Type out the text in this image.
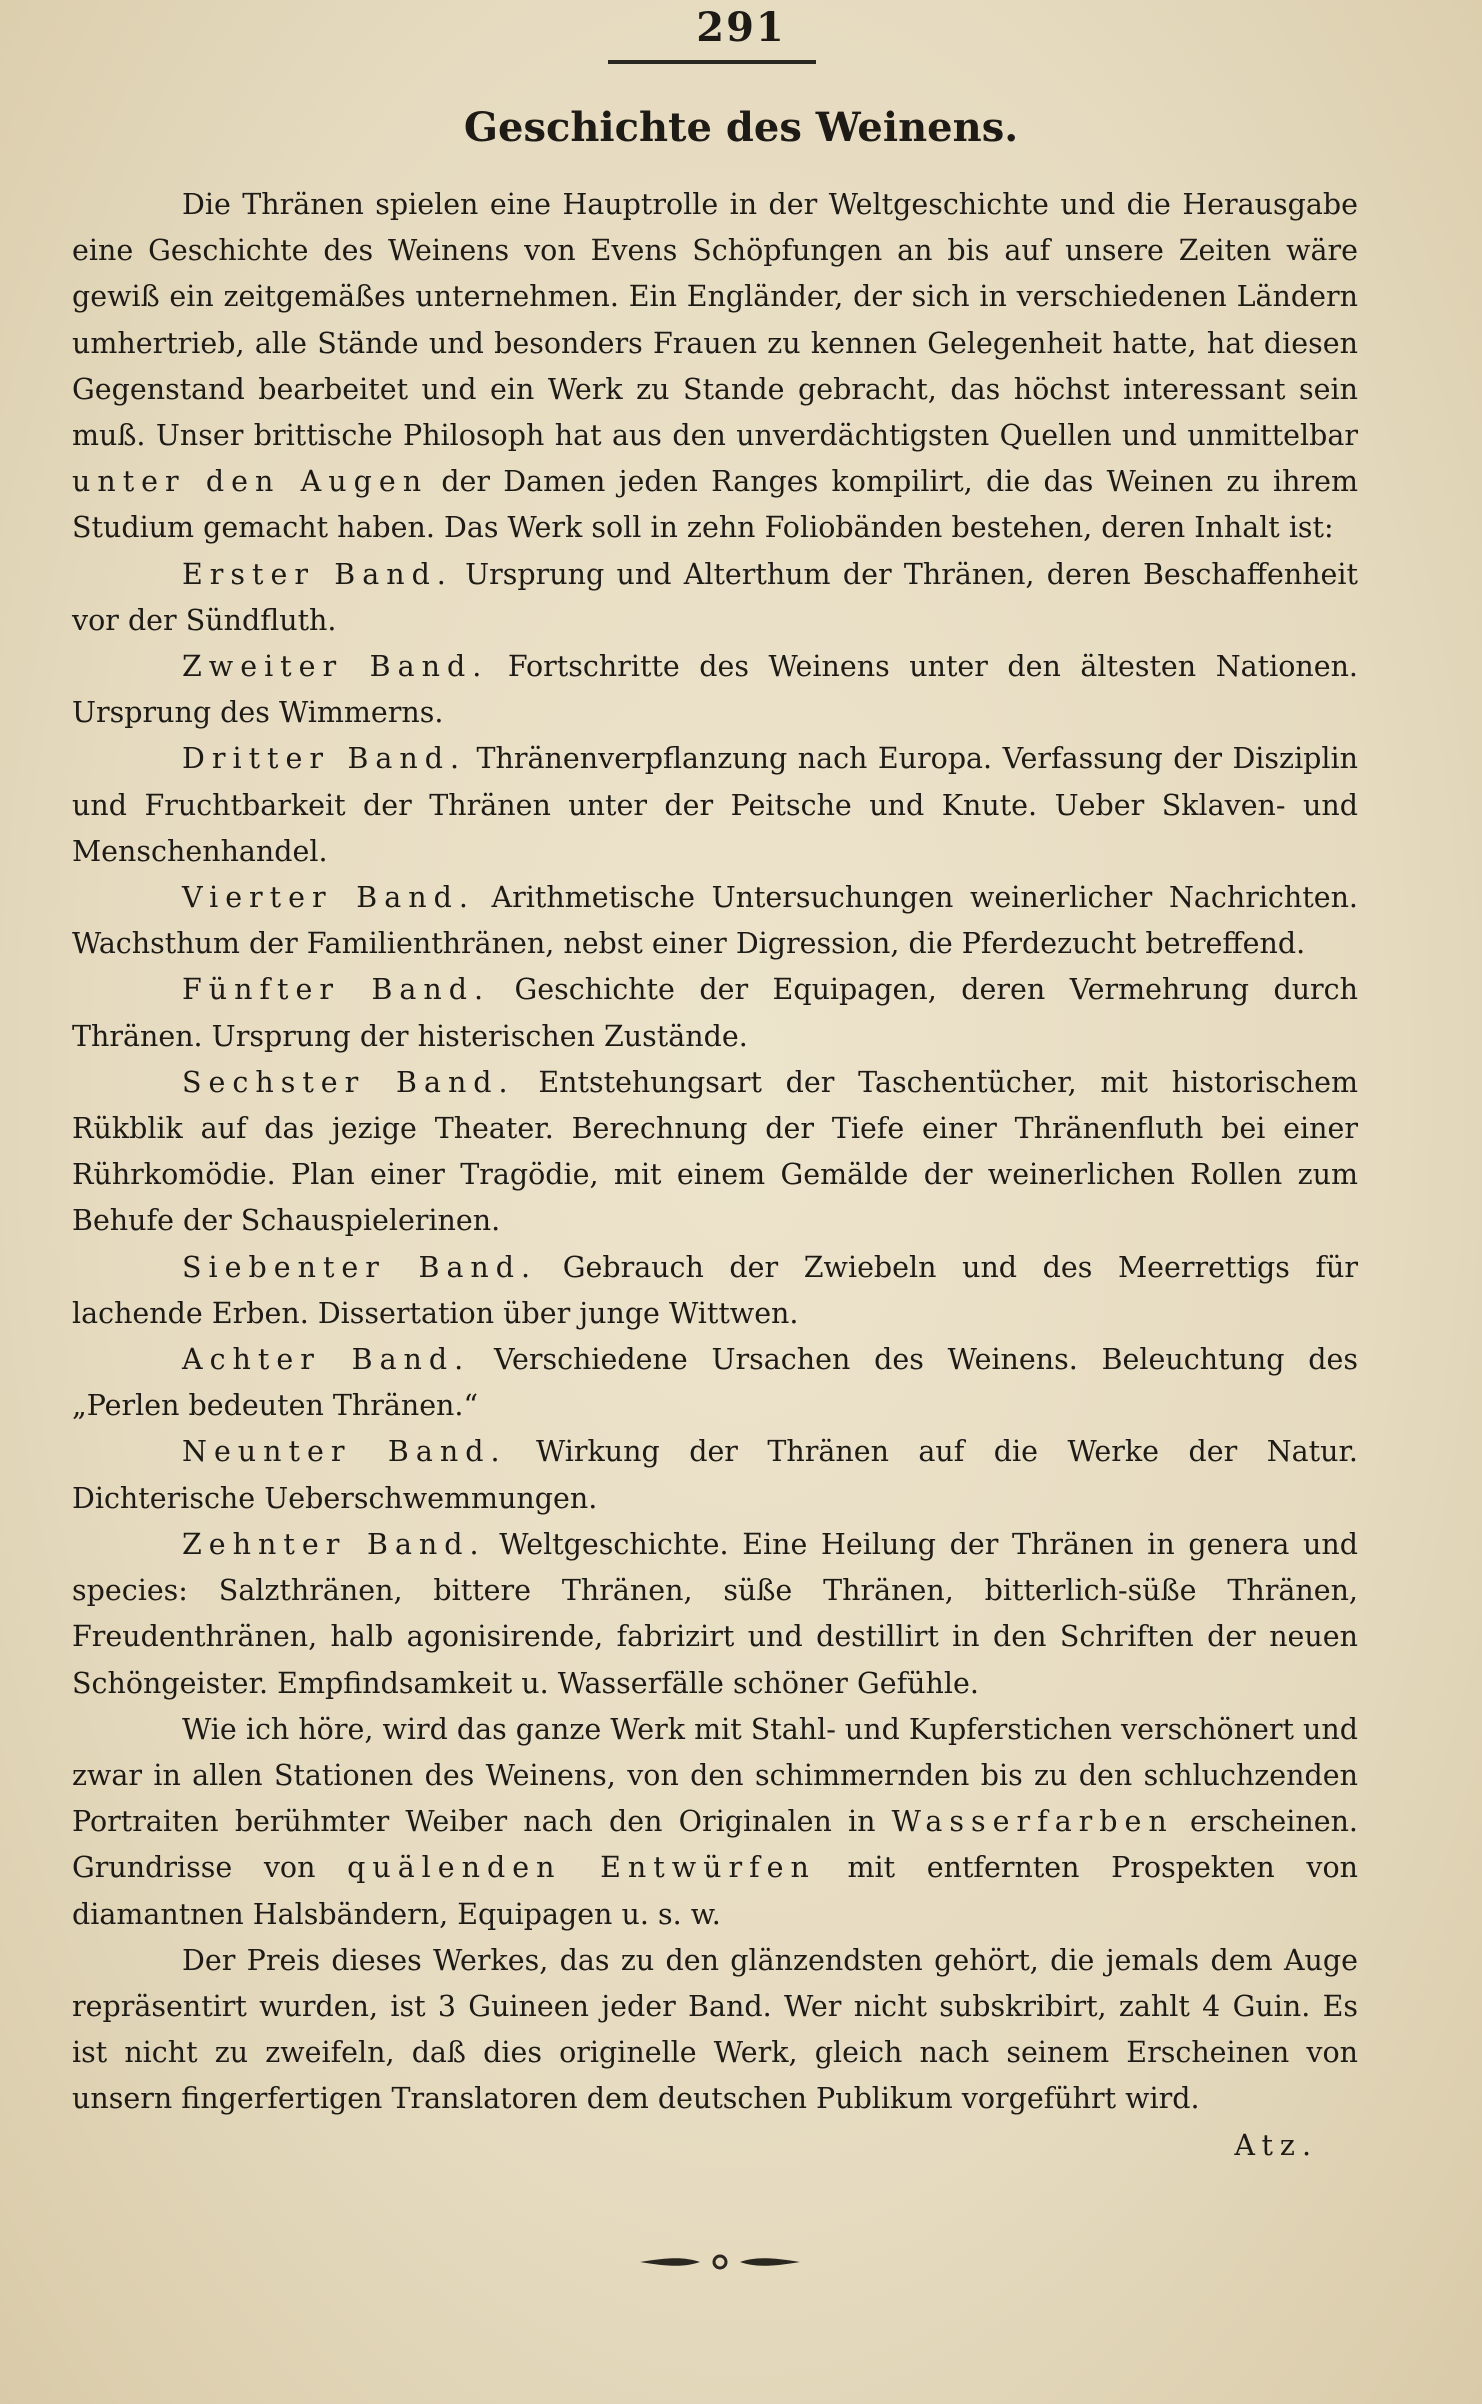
291
Geschichte des Weinens.

Die Thränen spielen eine Hauptrolle in der Weltgeschichte und die Herausgabe eine Geschichte des Weinens von Evens Schöpfungen an bis auf unsere Zeiten wäre gewiß ein zeitgemäßes unternehmen. Ein Engländer, der sich in verschiedenen Ländern umhertrieb, alle Stände und besonders Frauen zu kennen Gelegenheit hatte, hat diesen Gegenstand bearbeitet und ein Werk zu Stande gebracht, das höchst interessant sein muß. Unser brittische Philosoph hat aus den unverdächtigsten Quellen und unmittelbar unter den Augen der Damen jeden Ranges kompilirt, die das Weinen zu ihrem Studium gemacht haben. Das Werk soll in zehn Foliobänden bestehen, deren Inhalt ist:

Erster Band. Ursprung und Alterthum der Thränen, deren Beschaffenheit vor der Sündfluth.

Zweiter Band. Fortschritte des Weinens unter den ältesten Nationen. Ursprung des Wimmerns.

Dritter Band. Thränenverpflanzung nach Europa. Verfassung der Disziplin und Fruchtbarkeit der Thränen unter der Peitsche und Knute. Ueber Sklaven- und Menschenhandel.

Vierter Band. Arithmetische Untersuchungen weinerlicher Nachrichten. Wachsthum der Familienthränen, nebst einer Digression, die Pferdezucht betreffend.

Fünfter Band. Geschichte der Equipagen, deren Vermehrung durch Thränen. Ursprung der histerischen Zustände.

Sechster Band. Entstehungsart der Taschentücher, mit historischem Rükblik auf das jezige Theater. Berechnung der Tiefe einer Thränenfluth bei einer Rührkomödie. Plan einer Tragödie, mit einem Gemälde der weinerlichen Rollen zum Behufe der Schauspielerinen.

Siebenter Band. Gebrauch der Zwiebeln und des Meerrettigs für lachende Erben. Dissertation über junge Wittwen.

Achter Band. Verschiedene Ursachen des Weinens. Beleuchtung des „Perlen bedeuten Thränen.“

Neunter Band. Wirkung der Thränen auf die Werke der Natur. Dichterische Ueberschwemmungen.

Zehnter Band. Weltgeschichte. Eine Heilung der Thränen in genera und species: Salzthränen, bittere Thränen, süße Thränen, bitterlich-süße Thränen, Freudenthränen, halb agonisirende, fabrizirt und destillirt in den Schriften der neuen Schöngeister. Empfindsamkeit u. Wasserfälle schöner Gefühle.

Wie ich höre, wird das ganze Werk mit Stahl- und Kupferstichen verschönert und zwar in allen Stationen des Weinens, von den schimmernden bis zu den schluchzenden Portraiten berühmter Weiber nach den Originalen in Wasserfarben erscheinen. Grundrisse von quälenden Entwürfen mit entfernten Prospekten von diamantnen Halsbändern, Equipagen u. s. w.

Der Preis dieses Werkes, das zu den glänzendsten gehört, die jemals dem Auge repräsentirt wurden, ist 3 Guineen jeder Band. Wer nicht subskribirt, zahlt 4 Guin. Es ist nicht zu zweifeln, daß dies originelle Werk, gleich nach seinem Erscheinen von unsern fingerfertigen Translatoren dem deutschen Publikum vorgeführt wird.
Atz.
